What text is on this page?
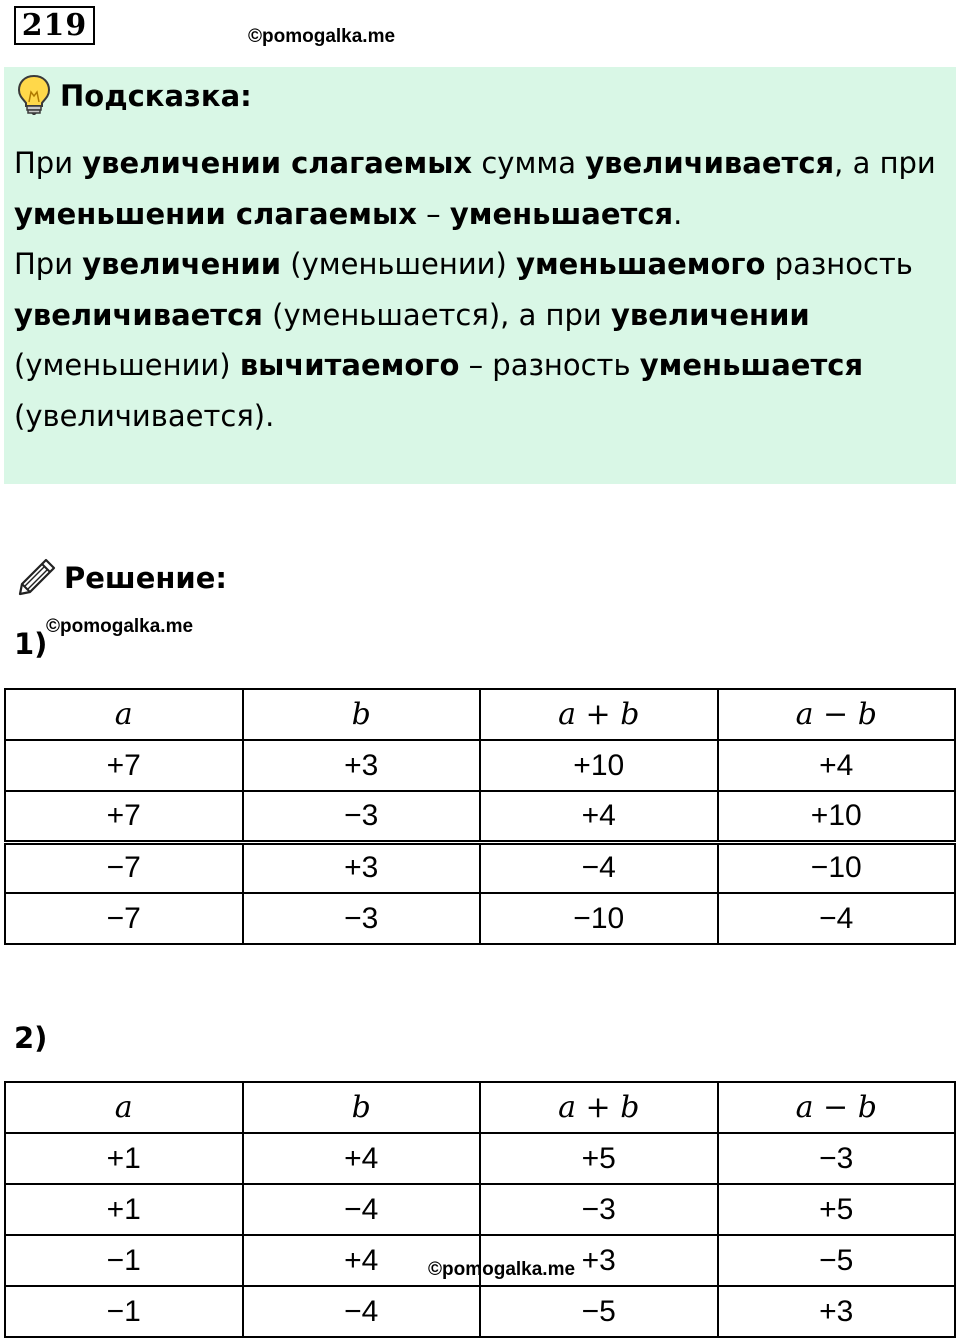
219	©pomogalka.me
Подсказка:
При увеличении слагаемых сумма увеличивается, а при
уменьшении слагаемых – уменьшается.
При увеличении (уменьшении) уменьшаемого разность
увеличивается (уменьшается), а при увеличении
(уменьшении) вычитаемого – разность уменьшается
(увеличивается).
Решение:
©pomogalka.me
1)
a	b	a + b	a − b
+7	+3	+10	+4
+7	−3	+4	+10
−7	+3	−4	−10
−7	−3	−10	−4
2)
a	b	a + b	a − b
+1	+4	+5	−3
+1	−4	−3	+5
−1	+4	+3	−5
−1	−4	−5	+3
©pomogalka.me
